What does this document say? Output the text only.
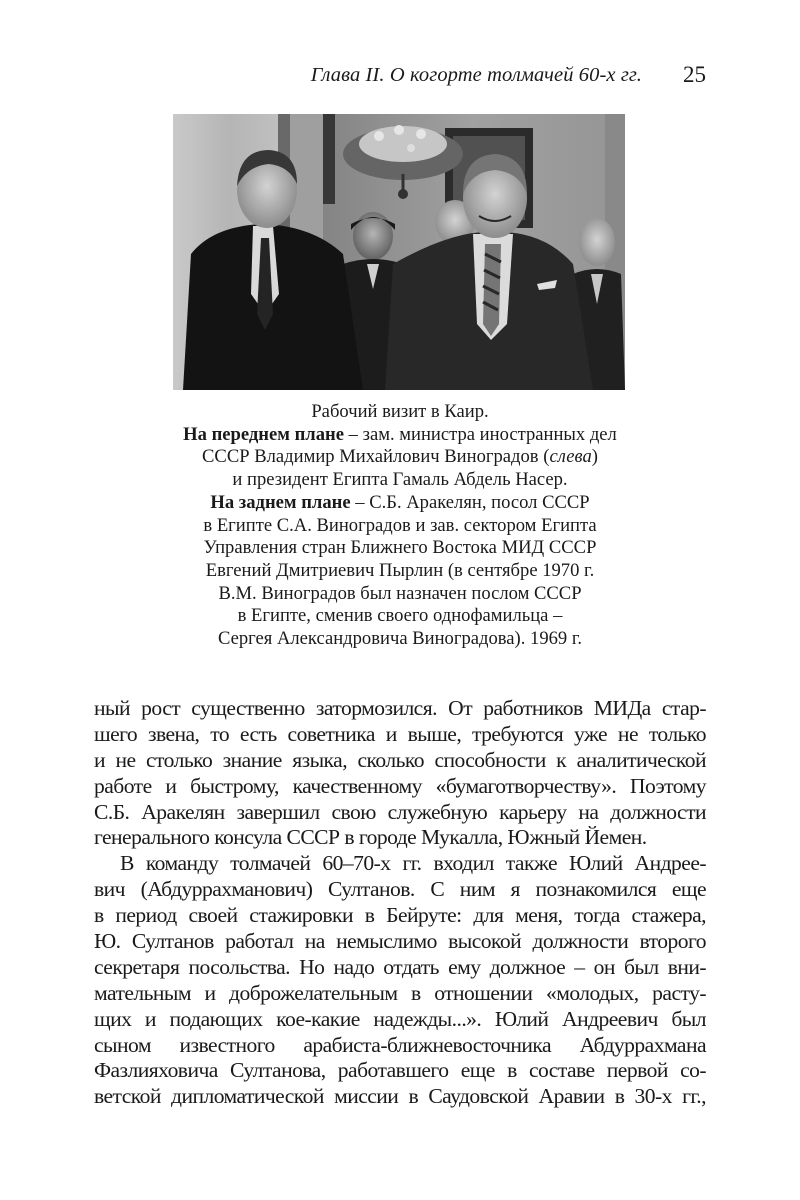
Глава II. О когорте толмачей 60-х гг. 25
Рабочий визит в Каир.
На переднем плане – зам. министра иностранных дел
СССР Владимир Михайлович Виноградов (слева)
и президент Египта Гамаль Абдель Насер.
На заднем плане – С.Б. Аракелян, посол СССР
в Египте С.А. Виноградов и зав. сектором Египта
Управления стран Ближнего Востока МИД СССР
Евгений Дмитриевич Пырлин (в сентябре 1970 г.
В.М. Виноградов был назначен послом СССР
в Египте, сменив своего однофамильца –
Сергея Александровича Виноградова). 1969 г.
ный рост существенно затормозился. От работников МИДа стар-
шего звена, то есть советника и выше, требуются уже не только
и не столько знание языка, сколько способности к аналитической
работе и быстрому, качественному «бумаготворчеству». Поэтому
С.Б. Аракелян завершил свою служебную карьеру на должности
генерального консула СССР в городе Мукалла, Южный Йемен.
В команду толмачей 60–70-х гг. входил также Юлий Андрее-
вич (Абдуррахманович) Султанов. С ним я познакомился еще
в период своей стажировки в Бейруте: для меня, тогда стажера,
Ю. Султанов работал на немыслимо высокой должности второго
секретаря посольства. Но надо отдать ему должное – он был вни-
мательным и доброжелательным в отношении «молодых, расту-
щих и подающих кое-какие надежды...». Юлий Андреевич был
сыном известного арабиста-ближневосточника Абдуррахмана
Фазлияховича Султанова, работавшего еще в составе первой со-
ветской дипломатической миссии в Саудовской Аравии в 30-х гг.,
